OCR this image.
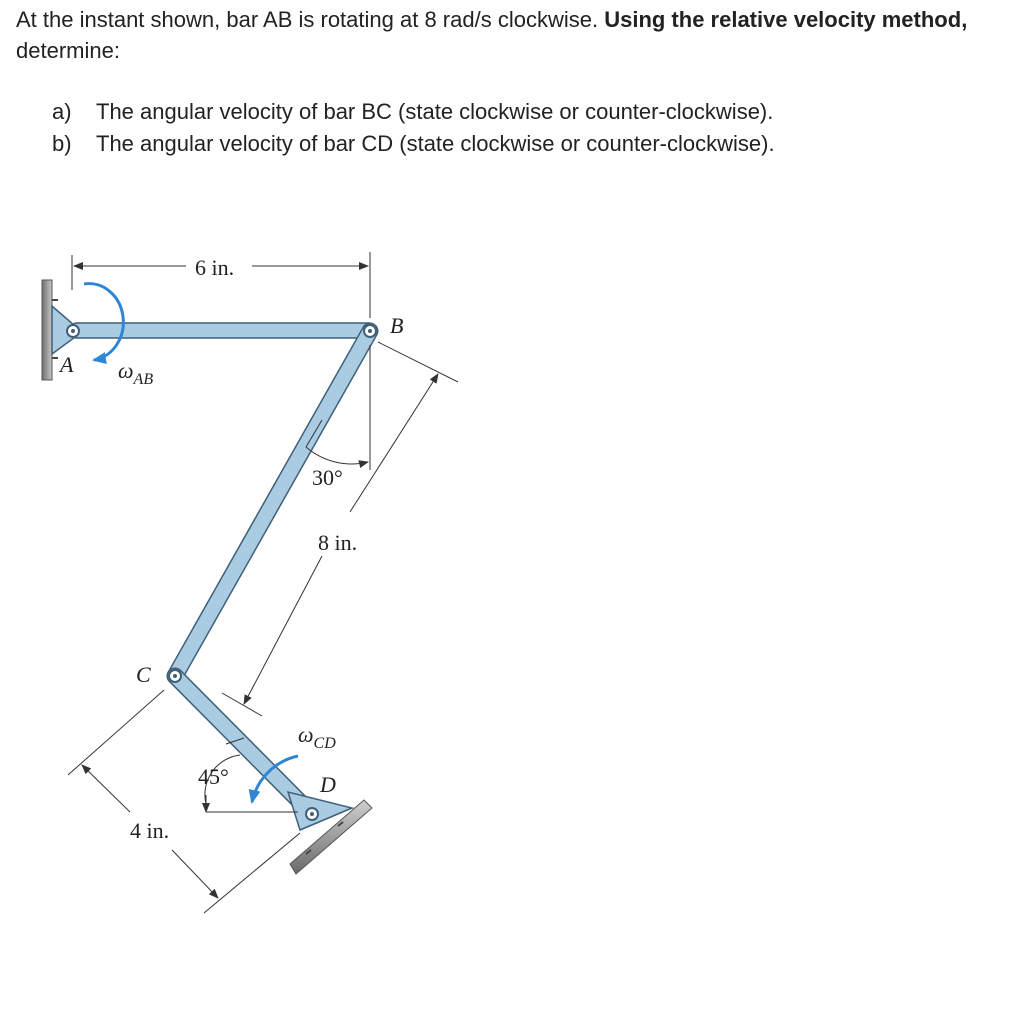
At the instant shown, bar AB is rotating at 8 rad/s clockwise. Using the relative velocity method, determine:
a)	The angular velocity of bar BC (state clockwise or counter-clockwise).
b)	The angular velocity of bar CD (state clockwise or counter-clockwise).
6 in.
30°
8 in.
4 in.
45°
A
B
C
D
$\omega_{AB}$
$\omega_{CD}$
